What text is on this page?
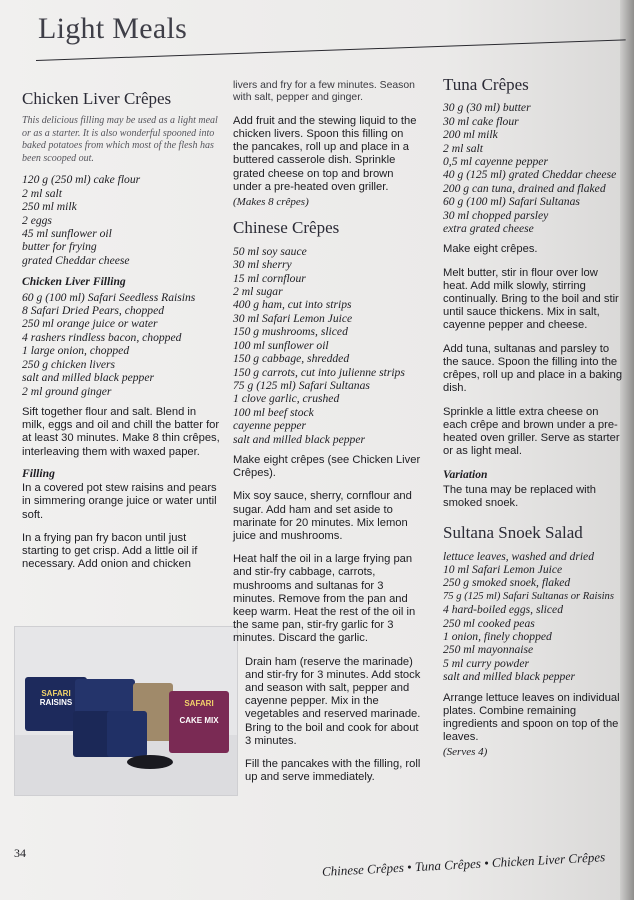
Light Meals
Chicken Liver Crêpes
This delicious filling may be used as a light meal or as a starter. It is also wonderful spooned into baked potatoes from which most of the flesh has been scooped out.
120 g (250 ml) cake flour
2 ml salt
250 ml milk
2 eggs
45 ml sunflower oil
butter for frying
grated Cheddar cheese
Chicken Liver Filling
60 g (100 ml) Safari Seedless Raisins
8 Safari Dried Pears, chopped
250 ml orange juice or water
4 rashers rindless bacon, chopped
1 large onion, chopped
250 g chicken livers
salt and milled black pepper
2 ml ground ginger

Sift together flour and salt. Blend in milk, eggs and oil and chill the batter for at least 30 minutes. Make 8 thin crêpes, interleaving them with waxed paper.

Filling

In a covered pot stew raisins and pears in simmering orange juice or water until soft.

In a frying pan fry bacon until just starting to get crisp. Add a little oil if necessary. Add onion and chicken

SAFARI
RAISINS	SAFARI
CAKE MIX

livers and fry for a few minutes. Season with salt, pepper and ginger.

Add fruit and the stewing liquid to the chicken livers. Spoon this filling on the pancakes, roll up and place in a buttered casserole dish. Sprinkle grated cheese on top and brown under a pre-heated oven griller.

(Makes 8 crêpes)
Chinese Crêpes
50 ml soy sauce
30 ml sherry
15 ml cornflour
2 ml sugar
400 g ham, cut into strips
30 ml Safari Lemon Juice
150 g mushrooms, sliced
100 ml sunflower oil
150 g cabbage, shredded
150 g carrots, cut into julienne strips
75 g (125 ml) Safari Sultanas
1 clove garlic, crushed
100 ml beef stock
cayenne pepper
salt and milled black pepper

Make eight crêpes (see Chicken Liver Crêpes).

Mix soy sauce, sherry, cornflour and sugar. Add ham and set aside to marinate for 20 minutes. Mix lemon juice and mushrooms.

Heat half the oil in a large frying pan and stir-fry cabbage, carrots, mushrooms and sultanas for 3 minutes. Remove from the pan and keep warm. Heat the rest of the oil in the same pan, stir-fry garlic for 3 minutes. Discard the garlic.

Drain ham (reserve the marinade) and stir-fry for 3 minutes. Add stock and season with salt, pepper and cayenne pepper. Mix in the vegetables and reserved marinade. Bring to the boil and cook for about 3 minutes.

Fill the pancakes with the filling, roll up and serve immediately.

Tuna Crêpes
30 g (30 ml) butter
30 ml cake flour
200 ml milk
2 ml salt
0,5 ml cayenne pepper
40 g (125 ml) grated Cheddar cheese
200 g can tuna, drained and flaked
60 g (100 ml) Safari Sultanas
30 ml chopped parsley
extra grated cheese

Make eight crêpes.

Melt butter, stir in flour over low heat. Add milk slowly, stirring continually. Bring to the boil and stir until sauce thickens. Mix in salt, cayenne pepper and cheese.

Add tuna, sultanas and parsley to the sauce. Spoon the filling into the crêpes, roll up and place in a baking dish.

Sprinkle a little extra cheese on each crêpe and brown under a pre-heated oven griller. Serve as starter or as light meal.

Variation

The tuna may be replaced with smoked snoek.

Sultana Snoek Salad
lettuce leaves, washed and dried
10 ml Safari Lemon Juice
250 g smoked snoek, flaked
75 g (125 ml) Safari Sultanas or Raisins
4 hard-boiled eggs, sliced
250 ml cooked peas
1 onion, finely chopped
250 ml mayonnaise
5 ml curry powder
salt and milled black pepper

Arrange lettuce leaves on individual plates. Combine remaining ingredients and spoon on top of the leaves.

(Serves 4)
34	Chinese Crêpes • Tuna Crêpes • Chicken Liver Crêpes
